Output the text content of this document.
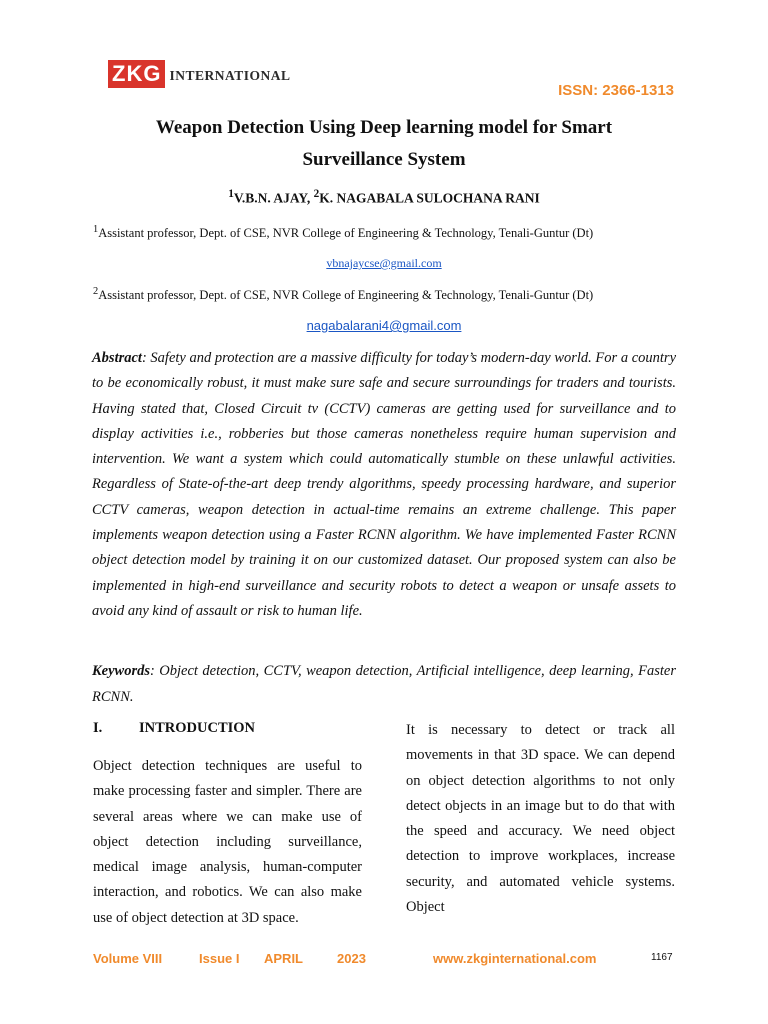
ZKG INTERNATIONAL
ISSN: 2366-1313
Weapon Detection Using Deep learning model for Smart
Surveillance System
$^1$V.B.N. AJAY, $^2$K. NAGABALA SULOCHANA RANI
$^1$Assistant professor, Dept. of CSE, NVR College of Engineering & Technology, Tenali-Guntur (Dt)
vbnajaycse@gmail.com
$^2$Assistant professor, Dept. of CSE, NVR College of Engineering & Technology, Tenali-Guntur (Dt)
nagabalarani4@gmail.com
Abstract: Safety and protection are a massive difficulty for today’s modern-day world. For a country to be economically robust, it must make sure safe and secure surroundings for traders and tourists. Having stated that, Closed Circuit tv (CCTV) cameras are getting used for surveillance and to display activities i.e., robberies but those cameras nonetheless require human supervision and intervention. We want a system which could automatically stumble on these unlawful activities. Regardless of State-of-the-art deep trendy algorithms, speedy processing hardware, and superior CCTV cameras, weapon detection in actual-time remains an extreme challenge. This paper implements weapon detection using a Faster RCNN algorithm. We have implemented Faster RCNN object detection model by training it on our customized dataset. Our proposed system can also be implemented in high-end surveillance and security robots to detect a weapon or unsafe assets to avoid any kind of assault or risk to human life.
Keywords: Object detection, CCTV, weapon detection, Artificial intelligence, deep learning, Faster RCNN.
I.	INTRODUCTION
Object detection techniques are useful to make processing faster and simpler. There are several areas where we can make use of object detection including surveillance, medical image analysis, human-computer interaction, and robotics. We can also make use of object detection at 3D space.
It is necessary to detect or track all movements in that 3D space. We can depend on object detection algorithms to not only detect objects in an image but to do that with the speed and accuracy. We need object detection to improve workplaces, increase security, and automated vehicle systems. Object
Volume VIII	Issue I APRIL	2023	www.zkginternational.com	1167
